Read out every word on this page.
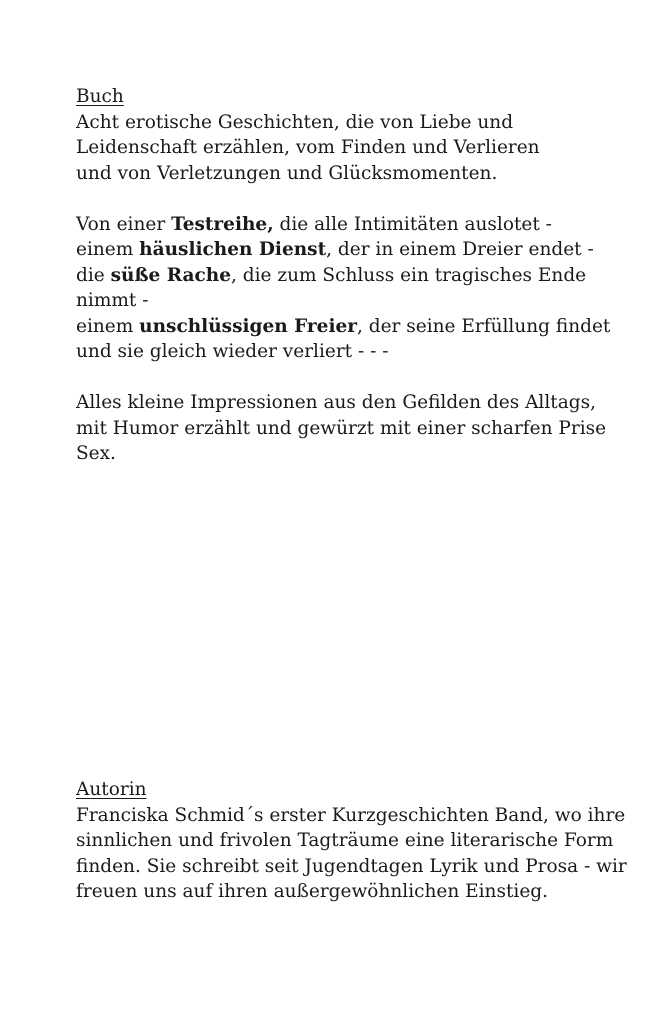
Buch
Acht erotische Geschichten, die von Liebe und
Leidenschaft erzählen, vom Finden und Verlieren
und von Verletzungen und Glücksmomenten.
Von einer Testreihe, die alle Intimitäten auslotet -
einem häuslichen Dienst, der in einem Dreier endet -
die süße Rache, die zum Schluss ein tragisches Ende
nimmt -
einem unschlüssigen Freier, der seine Erfüllung findet
und sie gleich wieder verliert - - -
Alles kleine Impressionen aus den Gefilden des Alltags,
mit Humor erzählt und gewürzt mit einer scharfen Prise
Sex.
Autorin
Franciska Schmid´s erster Kurzgeschichten Band, wo ihre
sinnlichen und frivolen Tagträume eine literarische Form
finden. Sie schreibt seit Jugendtagen Lyrik und Prosa - wir
freuen uns auf ihren außergewöhnlichen Einstieg.
